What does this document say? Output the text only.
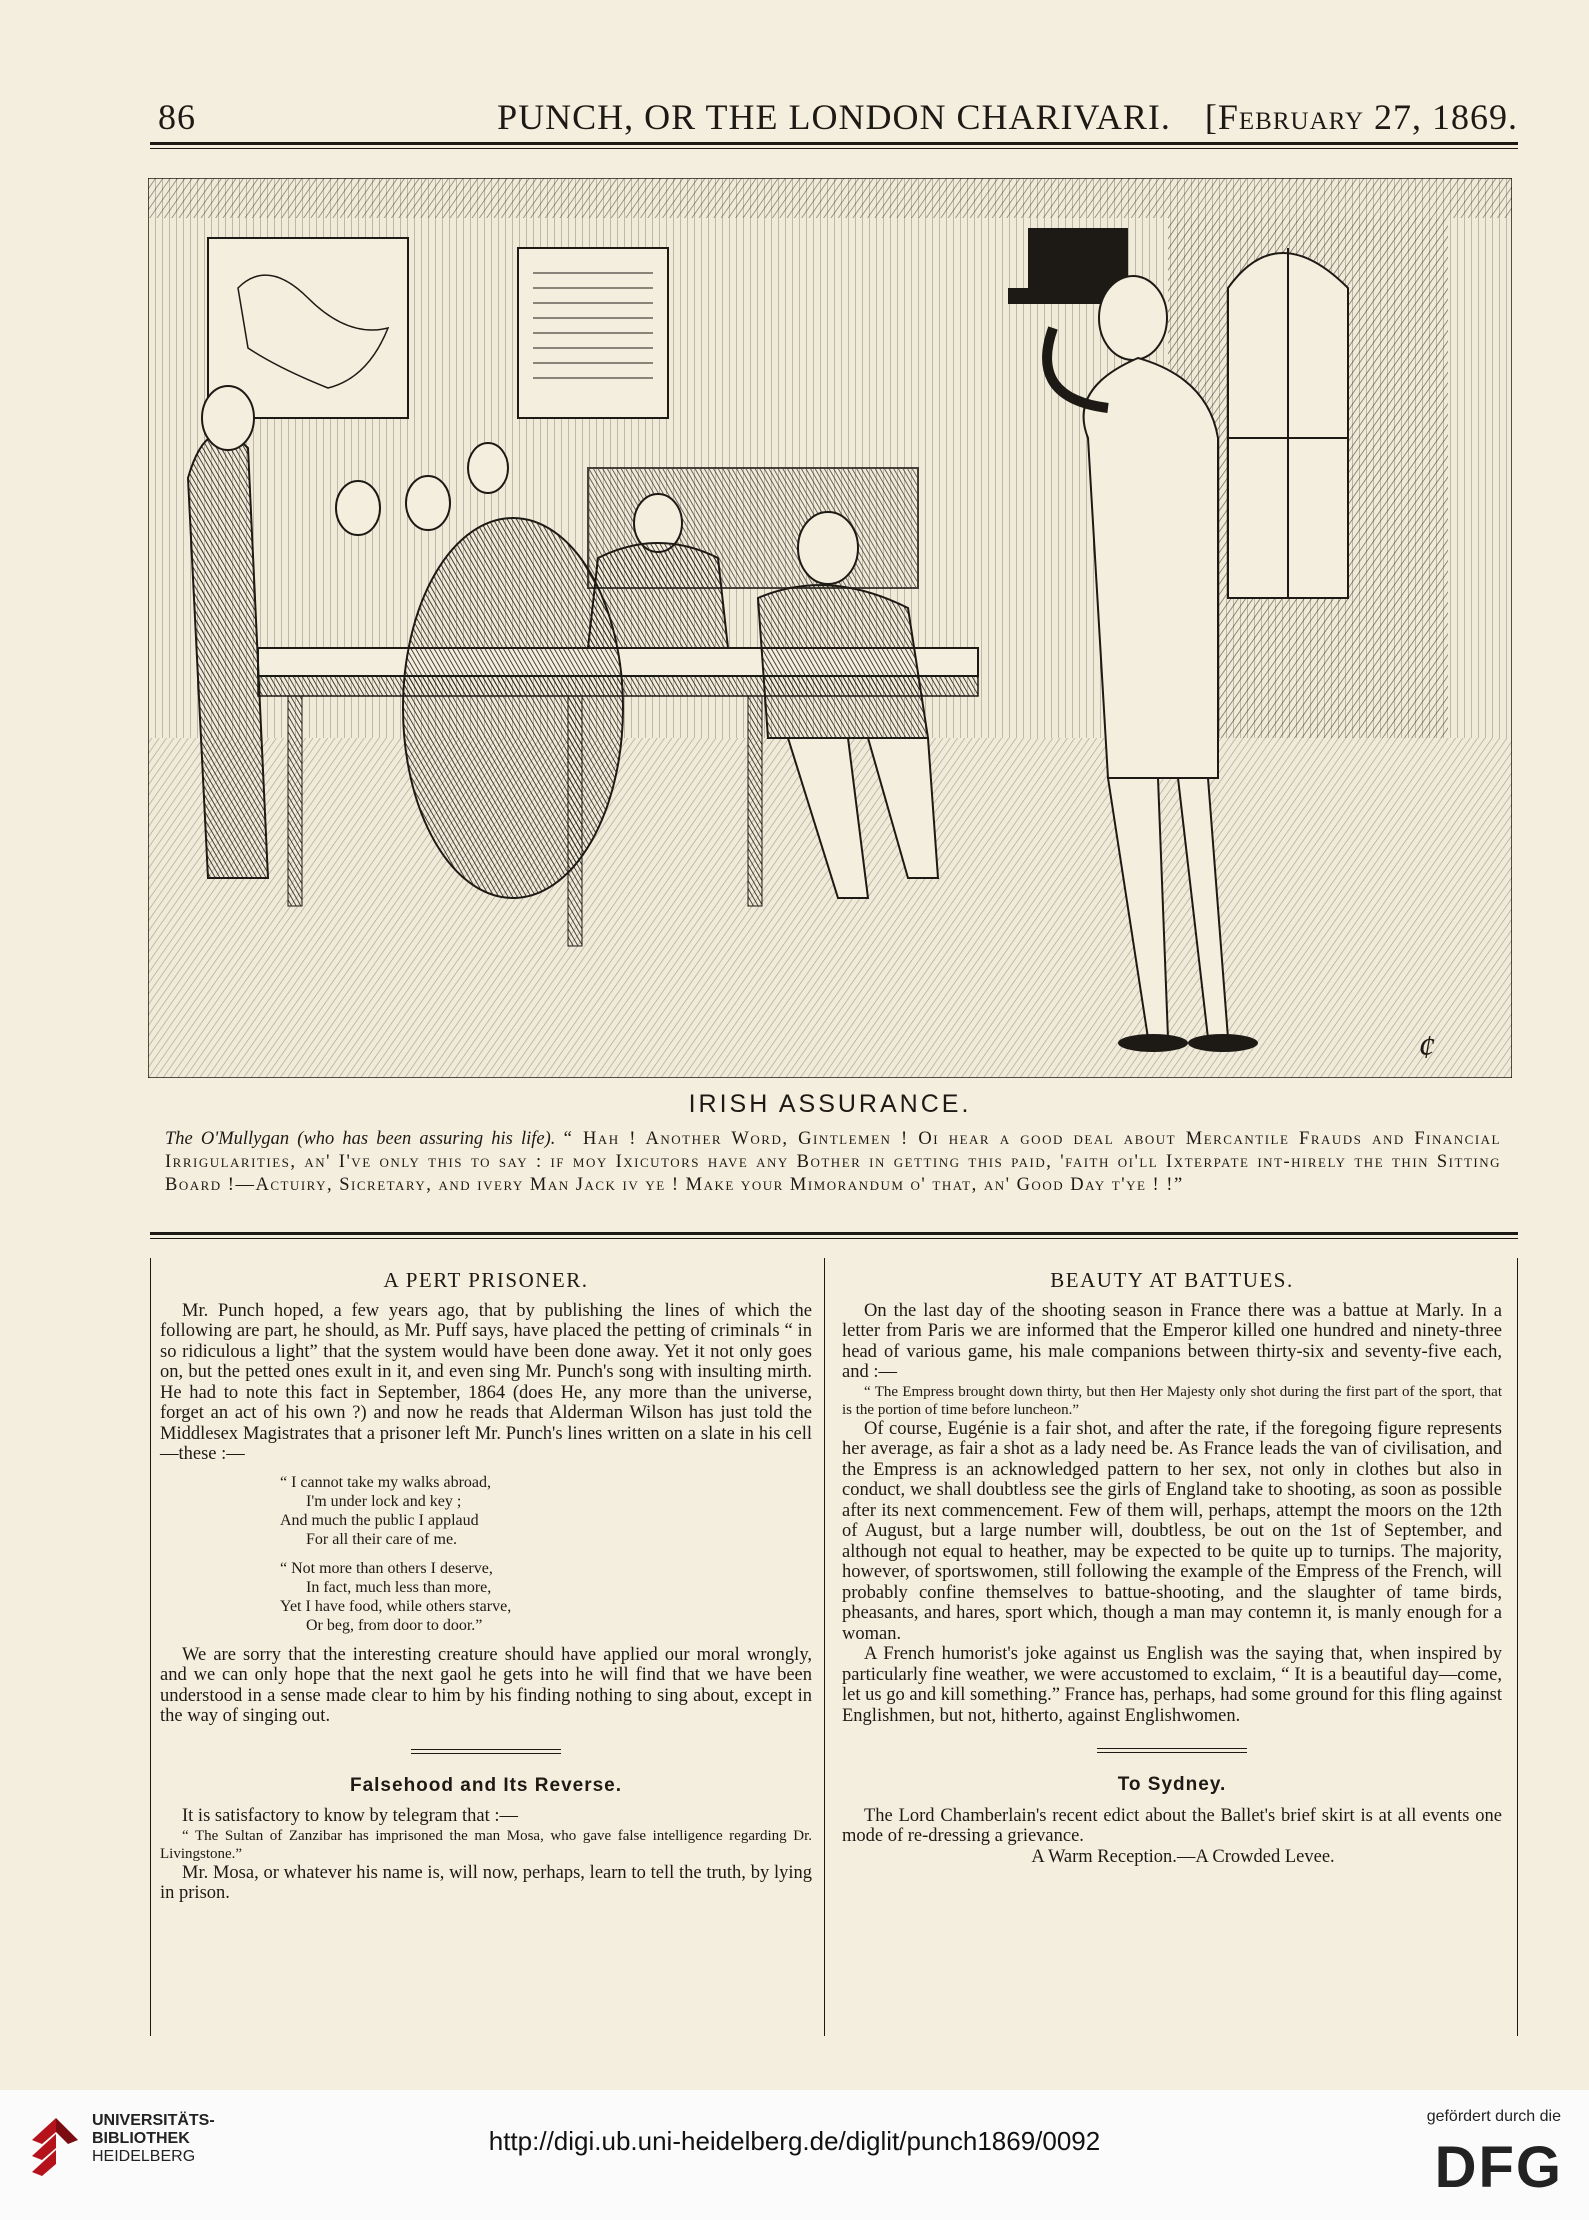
86	PUNCH, OR THE LONDON CHARIVARI. [February 27, 1869.
¢
IRISH ASSURANCE.
The O'Mullygan (who has been assuring his life). “ Hah ! Another Word, Gintlemen ! Oi hear a good deal about Mercantile Frauds and Financial Irrigularities, an' I've only this to say : if moy Ixicutors have any Bother in getting this paid, 'faith oi'll Ixterpate int-hirely the thin Sitting Board !—Actuiry, Sicretary, and ivery Man Jack iv ye ! Make your Mimorandum o' that, an' Good Day t'ye ! !”
A PERT PRISONER.

Mr. Punch hoped, a few years ago, that by publishing the lines of which the following are part, he should, as Mr. Puff says, have placed the petting of criminals “ in so ridiculous a light” that the system would have been done away. Yet it not only goes on, but the petted ones exult in it, and even sing Mr. Punch's song with insulting mirth. He had to note this fact in September, 1864 (does He, any more than the universe, forget an act of his own ?) and now he reads that Alderman Wilson has just told the Middlesex Magistrates that a prisoner left Mr. Punch's lines written on a slate in his cell—these :—

“ I cannot take my walks abroad,
I'm under lock and key ;
And much the public I applaud
For all their care of me.
“ Not more than others I deserve,
In fact, much less than more,
Yet I have food, while others starve,
Or beg, from door to door.”

We are sorry that the interesting creature should have applied our moral wrongly, and we can only hope that the next gaol he gets into he will find that we have been understood in a sense made clear to him by his finding nothing to sing about, except in the way of singing out.

Falsehood and Its Reverse.

It is satisfactory to know by telegram that :—

“ The Sultan of Zanzibar has imprisoned the man Mosa, who gave false intelligence regarding Dr. Livingstone.”

Mr. Mosa, or whatever his name is, will now, perhaps, learn to tell the truth, by lying in prison.

BEAUTY AT BATTUES.

On the last day of the shooting season in France there was a battue at Marly. In a letter from Paris we are informed that the Emperor killed one hundred and ninety-three head of various game, his male companions between thirty-six and seventy-five each, and :—

“ The Empress brought down thirty, but then Her Majesty only shot during the first part of the sport, that is the portion of time before luncheon.”

Of course, Eugénie is a fair shot, and after the rate, if the foregoing figure represents her average, as fair a shot as a lady need be. As France leads the van of civilisation, and the Empress is an acknowledged pattern to her sex, not only in clothes but also in conduct, we shall doubtless see the girls of England take to shooting, as soon as possible after its next commencement. Few of them will, perhaps, attempt the moors on the 12th of August, but a large number will, doubtless, be out on the 1st of September, and although not equal to heather, may be expected to be quite up to turnips. The majority, however, of sportswomen, still following the example of the Empress of the French, will probably confine themselves to battue-shooting, and the slaughter of tame birds, pheasants, and hares, sport which, though a man may contemn it, is manly enough for a woman.

A French humorist's joke against us English was the saying that, when inspired by particularly fine weather, we were accustomed to exclaim, “ It is a beautiful day—come, let us go and kill something.” France has, perhaps, had some ground for this fling against Englishmen, but not, hitherto, against Englishwomen.

To Sydney.

The Lord Chamberlain's recent edict about the Ballet's brief skirt is at all events one mode of re-dressing a grievance.

A Warm Reception.—A Crowded Levee.

UNIVERSITÄTS-
BIBLIOTHEK
HEIDELBERG
http://digi.ub.uni-heidelberg.de/diglit/punch1869/0092
gefördert durch die
DFG
